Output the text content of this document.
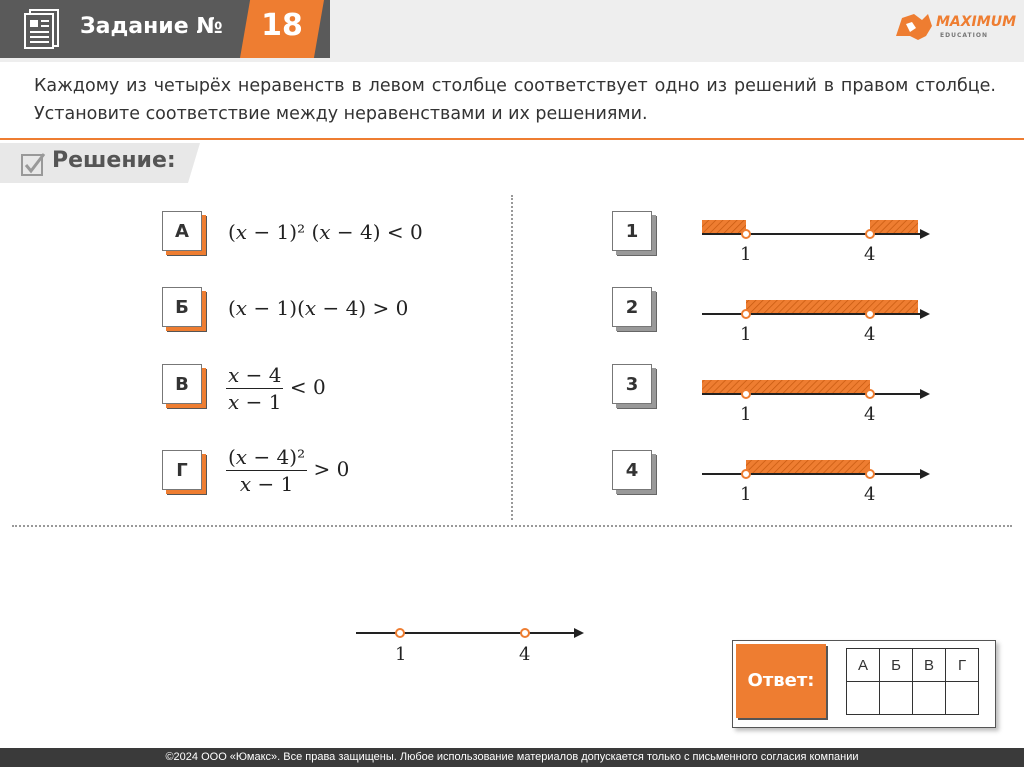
Задание №	18	MAXIMUM
EDUCATION
Каждому из четырёх неравенств в левом столбце соответствует одно из решений в правом столбце. Установите соответствие между неравенствами и их решениями.
Решение:
А	(𝑥 − 1)² (𝑥 − 4) < 0
Б	(𝑥 − 1)(𝑥 − 4) > 0
В	$\frac{\text{𝑥 − 4}}{\text{𝑥 − 1}} < 0$
Г	$\frac{\text{(𝑥 − 4)²}}{\text{𝑥 − 1}} > 0$
1
2
3
4
1	4
1	4
1	4
1	4
1	4
Ответ:
А	Б	В	Г

©2024 ООО «Юмакс». Все права защищены. Любое использование материалов допускается только с письменного согласия компании
